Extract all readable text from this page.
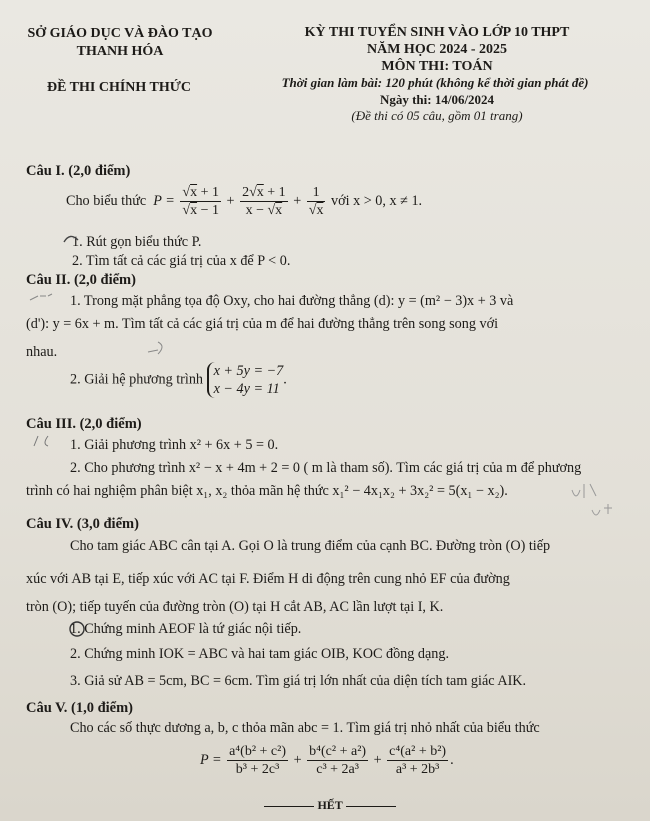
SỞ GIÁO DỤC VÀ ĐÀO TẠO
THANH HÓA
ĐỀ THI CHÍNH THỨC
KỲ THI TUYỂN SINH VÀO LỚP 10 THPT
NĂM HỌC 2024 - 2025
MÔN THI: TOÁN
Thời gian làm bài: 120 phút (không kể thời gian phát đề)
Ngày thi: 14/06/2024
(Đề thi có 05 câu, gồm 01 trang)
Câu I. (2,0 điểm)
Cho biểu thức  $P = \frac{√x + 1}{√x - 1} + \frac{2√x + 1}{x - √x} + \frac{1}{√x}$ với x > 0, x ≠ 1.
1. Rút gọn biểu thức P.
2. Tìm tất cả các giá trị của x để P < 0.
Câu II. (2,0 điểm)
1. Trong mặt phẳng tọa độ Oxy, cho hai đường thẳng (d): y = (m² − 3)x + 3 và
(d'): y = 6x + m. Tìm tất cả các giá trị của m để hai đường thẳng trên song song với
nhau.
2. Giải hệ phương trình
x + 5y = −7
x − 4y = 11
.
Câu III. (2,0 điểm)
1. Giải phương trình x² + 6x + 5 = 0.
2. Cho phương trình x² − x + 4m + 2 = 0 ( m là tham số). Tìm các giá trị của m để phương
trình có hai nghiệm phân biệt x₁, x₂ thỏa mãn hệ thức x₁² − 4x₁x₂ + 3x₂² = 5(x₁ − x₂).
Câu IV. (3,0 điểm)
Cho tam giác ABC cân tại A. Gọi O là trung điểm của cạnh BC. Đường tròn (O) tiếp
xúc với AB tại E, tiếp xúc với AC tại F. Điểm H di động trên cung nhỏ EF của đường
tròn (O); tiếp tuyến của đường tròn (O) tại H cắt AB, AC lần lượt tại I, K.
1. Chứng minh AEOF là tứ giác nội tiếp.
2. Chứng minh IOK = ABC và hai tam giác OIB, KOC đồng dạng.
3. Giả sử AB = 5cm, BC = 6cm. Tìm giá trị lớn nhất của diện tích tam giác AIK.
Câu V. (1,0 điểm)
Cho các số thực dương a, b, c thỏa mãn abc = 1. Tìm giá trị nhỏ nhất của biểu thức
$P = \frac{\text{a⁴(b² + c²)}}{\text{b³ + 2c³}} + \frac{\text{b⁴(c² + a²)}}{\text{c³ + 2a³}} + \frac{\text{c⁴(a² + b²)}}{\text{a³ + 2b³}}$ .
HẾT
